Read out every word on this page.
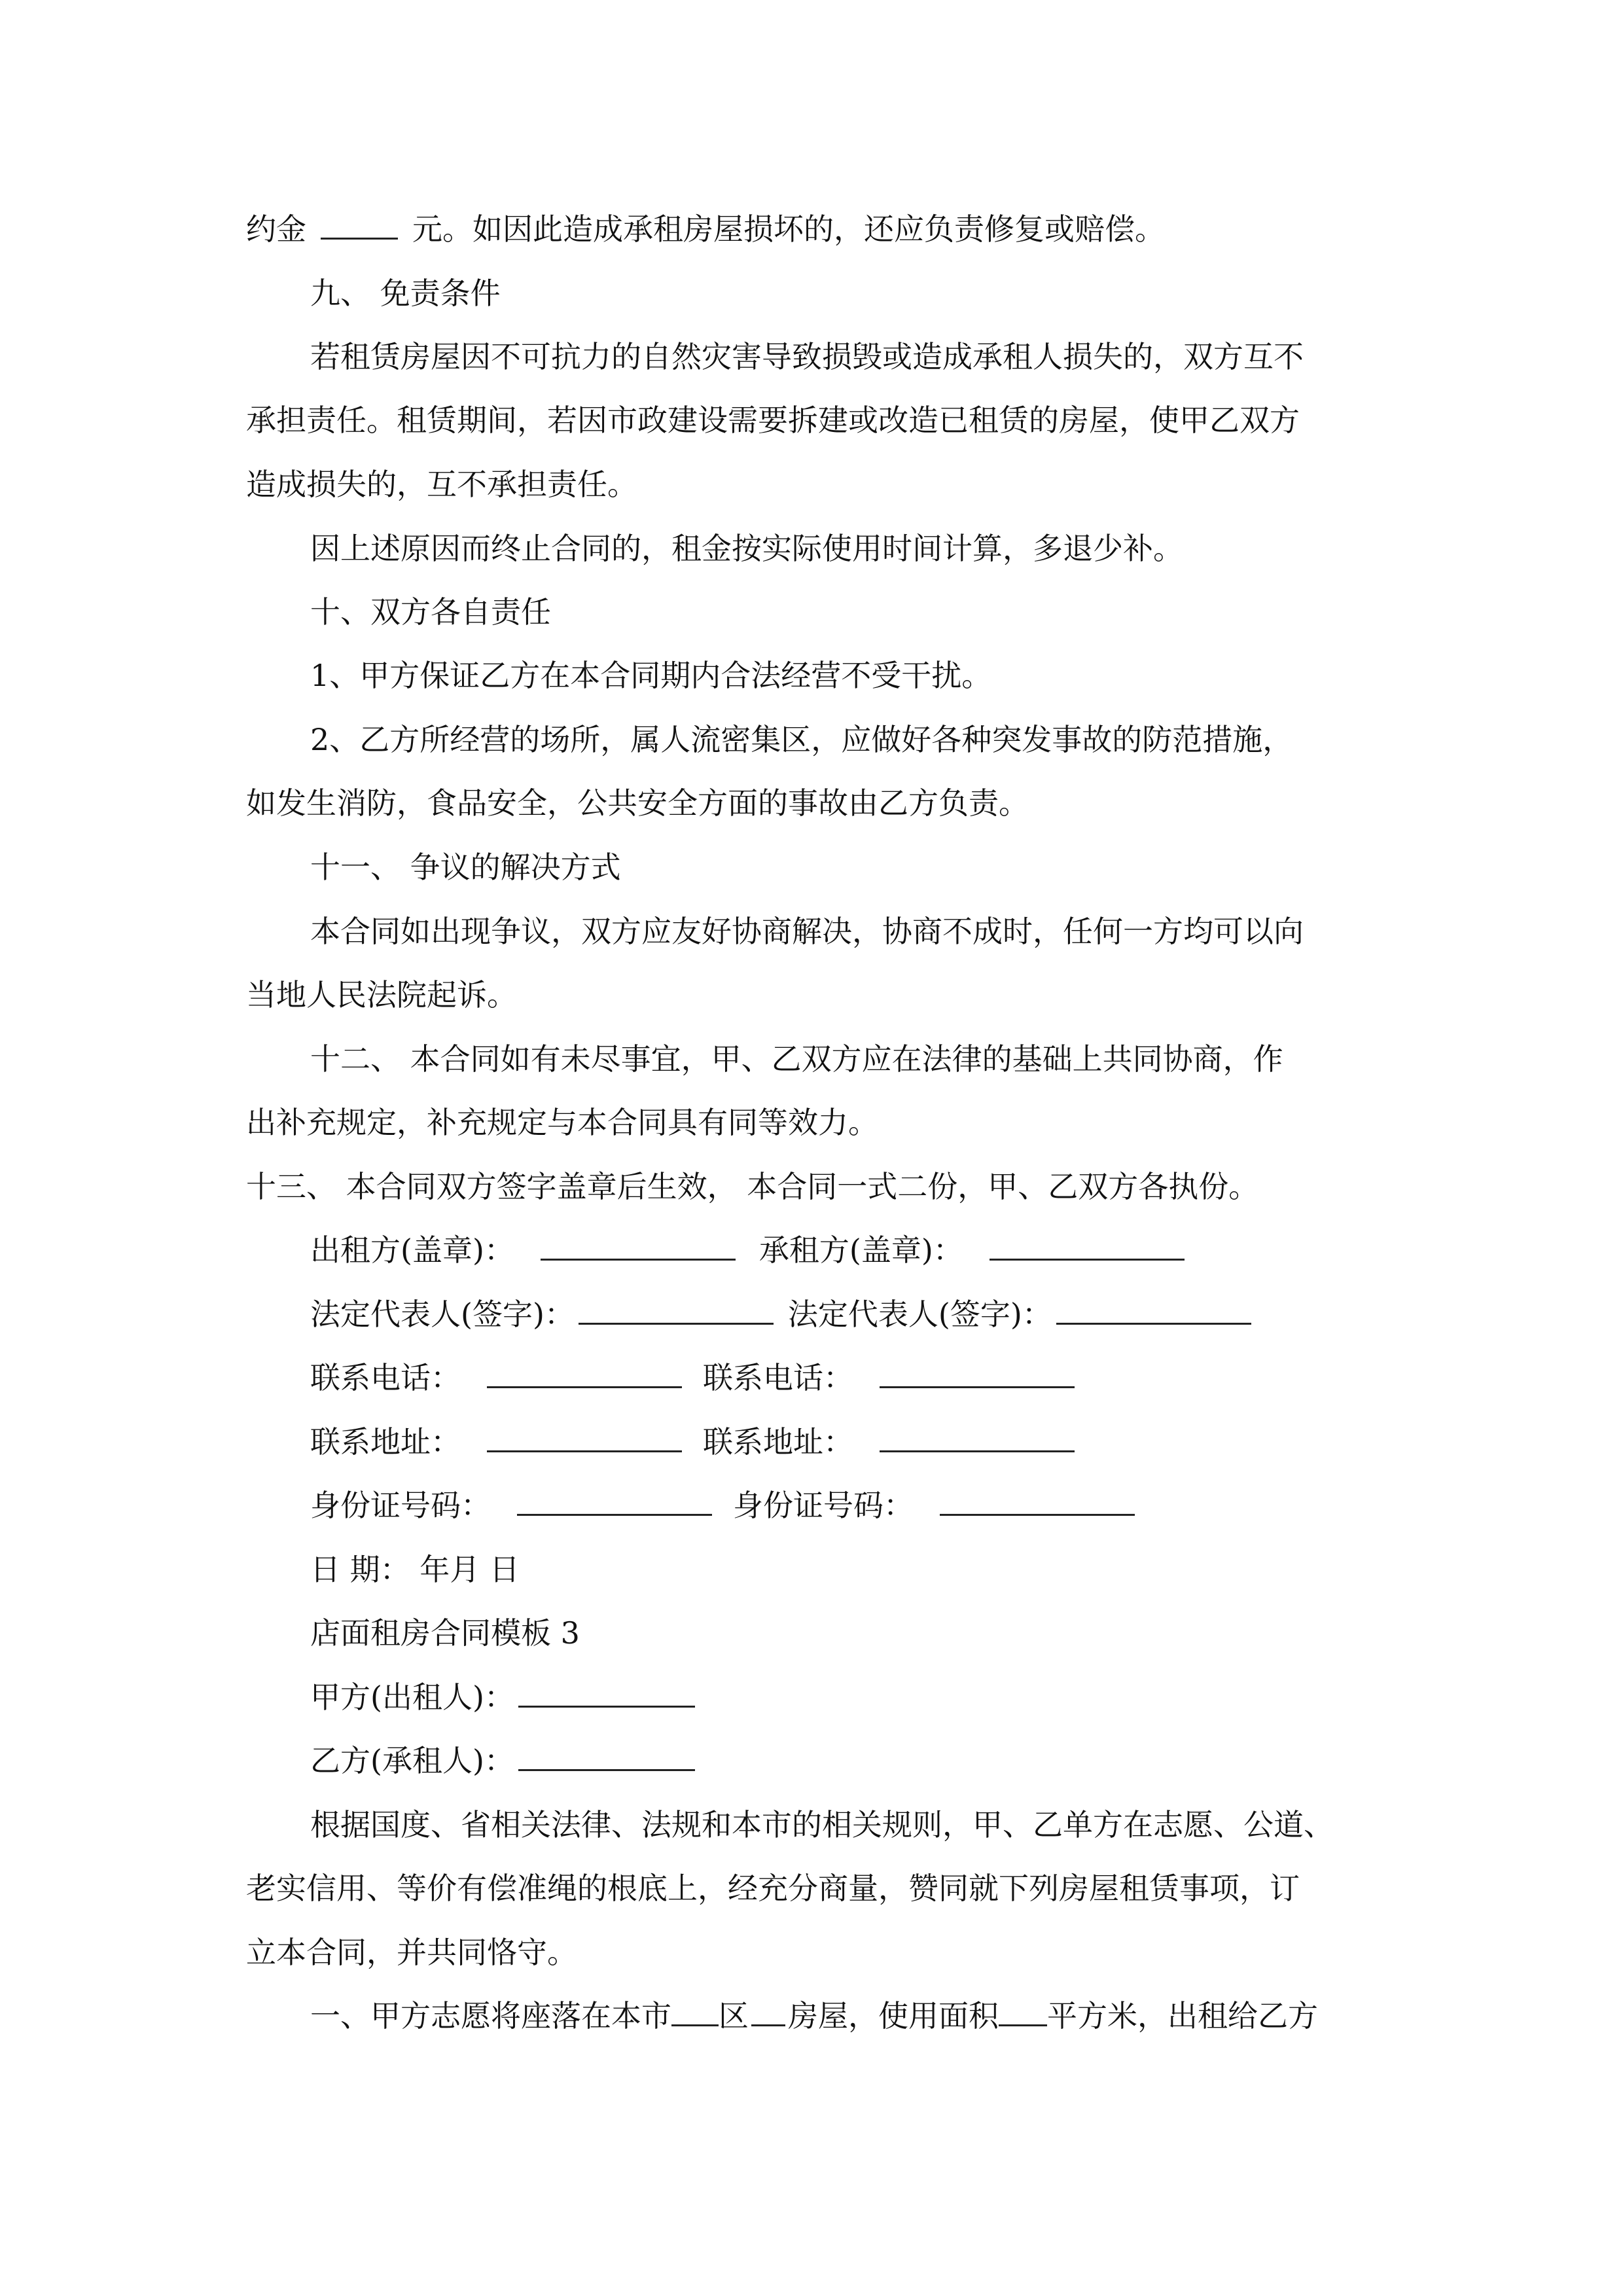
约金	元。如因此造成承租房屋损坏的，还应负责修复或赔偿。
九、 免责条件
若租赁房屋因不可抗力的自然灾害导致损毁或造成承租人损失的，双方互不
承担责任。租赁期间，若因市政建设需要拆建或改造已租赁的房屋，使甲乙双方
造成损失的，互不承担责任。
因上述原因而终止合同的，租金按实际使用时间计算，多退少补。
十、双方各自责任
1、甲方保证乙方在本合同期内合法经营不受干扰。
2、乙方所经营的场所，属人流密集区，应做好各种突发事故的防范措施，
如发生消防，食品安全，公共安全方面的事故由乙方负责。
十一、 争议的解决方式
本合同如出现争议，双方应友好协商解决，协商不成时，任何一方均可以向
当地人民法院起诉。
十二、 本合同如有未尽事宜，甲、乙双方应在法律的基础上共同协商，作
出补充规定，补充规定与本合同具有同等效力。
十三、 本合同双方签字盖章后生效， 本合同一式二份，甲、乙双方各执份。
出租方(盖章)：	承租方(盖章)：
法定代表人(签字)：	法定代表人(签字)：
联系电话：	联系电话：
联系地址：	联系地址：
身份证号码：	身份证号码：
日 期： 年月 日
店面租房合同模板 3
甲方(出租人)：
乙方(承租人)：
根据国度、省相关法律、法规和本市的相关规则，甲、乙单方在志愿、公道、
老实信用、等价有偿准绳的根底上，经充分商量，赞同就下列房屋租赁事项，订
立本合同，并共同恪守。
一、甲方志愿将座落在本市 区 房屋，使用面积 平方米，出租给乙方
